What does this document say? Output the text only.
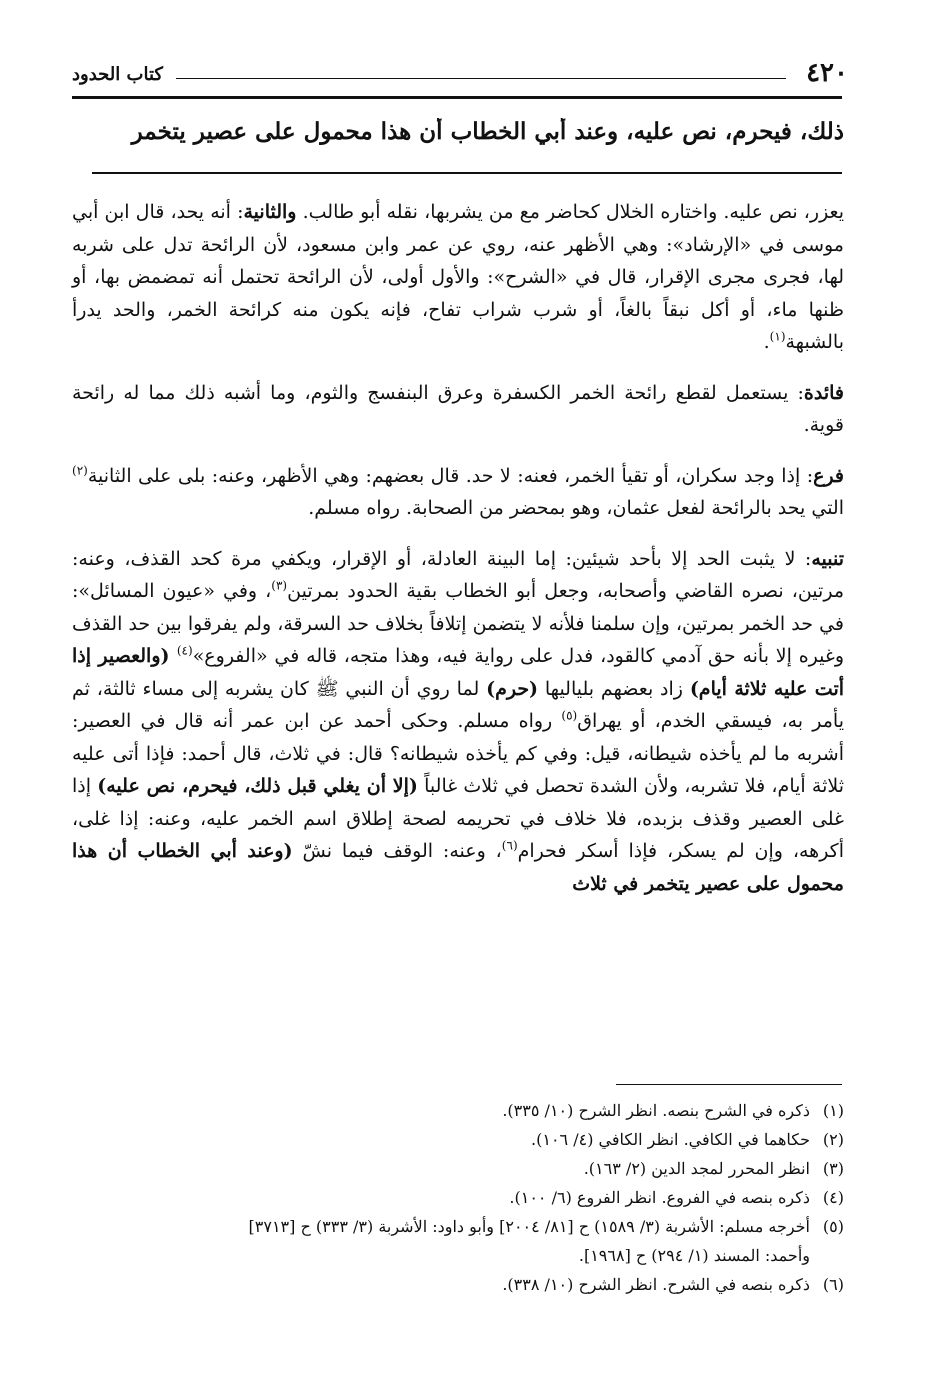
٤٢٠
كتاب الحدود
ذلك، فيحرم، نص عليه، وعند أبي الخطاب أن هذا محمول على عصير يتخمر

يعزر، نص عليه. واختاره الخلال كحاضر مع من يشربها، نقله أبو طالب. والثانية: أنه يحد، قال ابن أبي موسى في «الإرشاد»: وهي الأظهر عنه، روي عن عمر وابن مسعود، لأن الرائحة تدل على شربه لها، فجرى مجرى الإقرار، قال في «الشرح»: والأول أولى، لأن الرائحة تحتمل أنه تمضمض بها، أو ظنها ماء، أو أكل نبقاً بالغاً، أو شرب شراب تفاح، فإنه يكون منه كرائحة الخمر، والحد يدرأ بالشبهة$^{(١)}$.

فائدة: يستعمل لقطع رائحة الخمر الكسفرة وعرق البنفسج والثوم، وما أشبه ذلك مما له رائحة قوية.

فرع: إذا وجد سكران، أو تقيأ الخمر، فعنه: لا حد. قال بعضهم: وهي الأظهر، وعنه: بلى على الثانية$^{(٢)}$ التي يحد بالرائحة لفعل عثمان، وهو بمحضر من الصحابة. رواه مسلم.

تنبيه: لا يثبت الحد إلا بأحد شيئين: إما البينة العادلة، أو الإقرار، ويكفي مرة كحد القذف، وعنه: مرتين، نصره القاضي وأصحابه، وجعل أبو الخطاب بقية الحدود بمرتين$^{(٣)}$، وفي «عيون المسائل»: في حد الخمر بمرتين، وإن سلمنا فلأنه لا يتضمن إتلافاً بخلاف حد السرقة، ولم يفرقوا بين حد القذف وغيره إلا بأنه حق آدمي كالقود، فدل على رواية فيه، وهذا متجه، قاله في «الفروع»$^{(٤)}$ (والعصير إذا أتت عليه ثلاثة أيام) زاد بعضهم بلياليها (حرم) لما روي أن النبي ﷺ كان يشربه إلى مساء ثالثة، ثم يأمر به، فيسقي الخدم، أو يهراق$^{(٥)}$ رواه مسلم. وحكى أحمد عن ابن عمر أنه قال في العصير: أشربه ما لم يأخذه شيطانه، قيل: وفي كم يأخذه شيطانه؟ قال: في ثلاث، قال أحمد: فإذا أتى عليه ثلاثة أيام، فلا تشربه، ولأن الشدة تحصل في ثلاث غالباً (إلا أن يغلي قبل ذلك، فيحرم، نص عليه) إذا غلى العصير وقذف بزبده، فلا خلاف في تحريمه لصحة إطلاق اسم الخمر عليه، وعنه: إذا غلى، أكرهه، وإن لم يسكر، فإذا أسكر فحرام$^{(٦)}$، وعنه: الوقف فيما نشّ (وعند أبي الخطاب أن هذا محمول على عصير يتخمر في ثلاث

(١)ذكره في الشرح بنصه. انظر الشرح (١٠/ ٣٣٥).
(٢)حكاهما في الكافي. انظر الكافي (٤/ ١٠٦).
(٣)انظر المحرر لمجد الدين (٢/ ١٦٣).
(٤)ذكره بنصه في الفروع. انظر الفروع (٦/ ١٠٠).
(٥)أخرجه مسلم: الأشربة (٣/ ١٥٨٩) ح [٨١/ ٢٠٠٤] وأبو داود: الأشربة (٣/ ٣٣٣) ح [٣٧١٣]
وأحمد: المسند (١/ ٢٩٤) ح [١٩٦٨].
(٦)ذكره بنصه في الشرح. انظر الشرح (١٠/ ٣٣٨).
